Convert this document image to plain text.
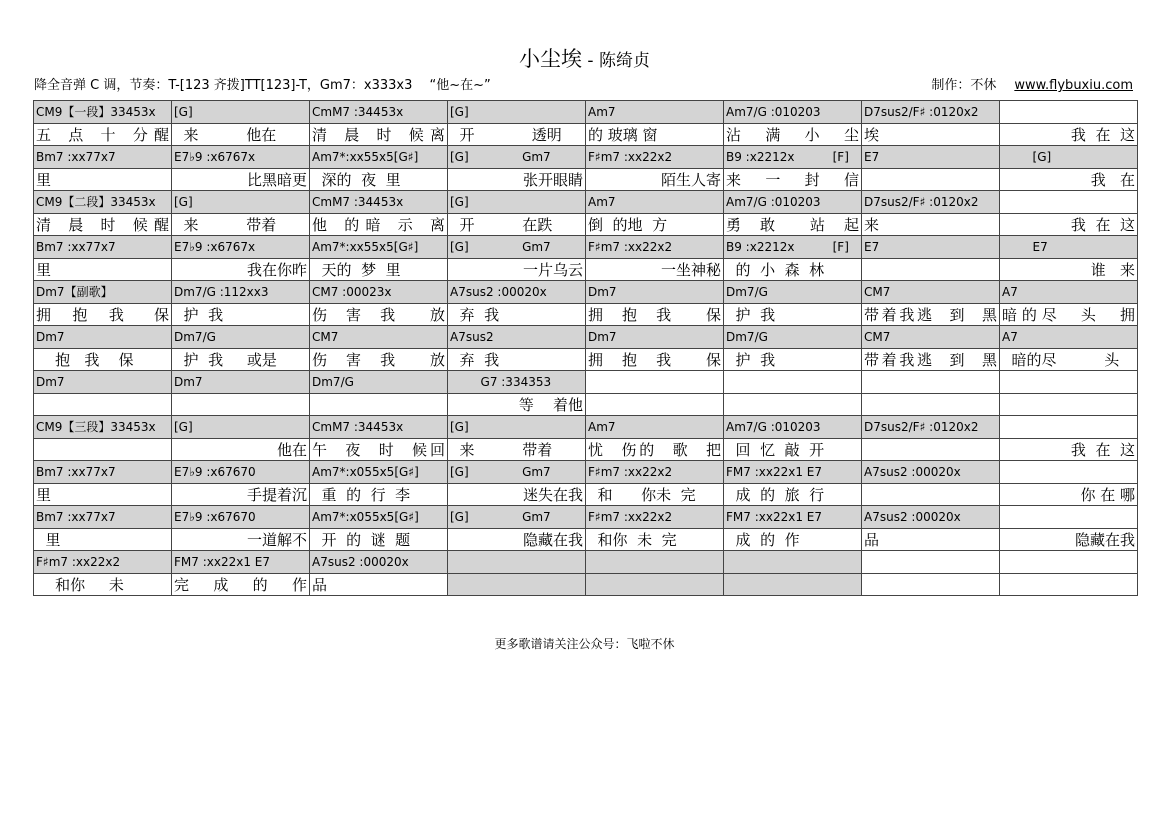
小尘埃 - 陈绮贞
降全音弹 C 调，节奏：T-[123 齐拨]TT[123]-T，Gm7：x333x3　 “他~在~”	制作：不休 www.flybuxiu.com
CM9【一段】33453x	[G]	CmM7 :34453x	[G]	Am7	Am7/G :010203	D7sus2/F♯ :0120x2	

五 点 十 分醒	来          他在	清 晨 时 候离	开            透明	的 玻璃 窗	沾 满 小 尘	埃	我  在  这

Bm7 :xx77x7	E7♭9 :x6767x	Am7*:xx55x5[G♯]	[G]              Gm7	F♯m7 :xx22x2	B9 :x2212x          [F]	E7	[G]

里	比黑暗更	深的  夜  里	张开眼睛	陌生人寄	来  一  封  信		我   在

CM9【二段】33453x	[G]	CmM7 :34453x	[G]	Am7	Am7/G :010203	D7sus2/F♯ :0120x2	

清 晨 时 候醒	来          带着	他 的暗 示 离	开          在跌	倒  的地  方	勇  敢    站  起	来	我  在  这

Bm7 :xx77x7	E7♭9 :x6767x	Am7*:xx55x5[G♯]	[G]              Gm7	F♯m7 :xx22x2	B9 :x2212x          [F]	E7	E7

里	我在你昨	天的  梦  里	一片乌云	一坐神秘	的  小  森  林		谁   来

Dm7【副歌】	Dm7/G :112xx3	CM7 :00023x	A7sus2 :00020x	Dm7	Dm7/G	CM7	A7

拥  抱  我   保	护  我	伤  害  我    放	弃  我	拥  抱  我    保	护  我	带着我逃  到  黑	暗的尽  头  拥

Dm7	Dm7/G	CM7	A7sus2	Dm7	Dm7/G	CM7	A7

抱   我    保	护  我     或是	伤  害  我    放	弃  我	拥  抱  我    保	护  我	带着我逃  到  黑	暗的尽          头

Dm7	Dm7	Dm7/G	G7 :334353				

			等    着他				

CM9【三段】33453x	[G]	CmM7 :34453x	[G]	Am7	Am7/G :010203	D7sus2/F♯ :0120x2	

	他在	午  夜  时  候回	来          带着	忧  伤的  歌  把	回  忆  敲  开		我  在  这

Bm7 :xx77x7	E7♭9 :x67670	Am7*:x055x5[G♯]	[G]              Gm7	F♯m7 :xx22x2	FM7 :xx22x1 E7	A7sus2 :00020x	

里	手提着沉	重  的  行  李	迷失在我	和      你未  完	成  的  旅  行		你 在 哪

Bm7 :xx77x7	E7♭9 :x67670	Am7*:x055x5[G♯]	[G]              Gm7	F♯m7 :xx22x2	FM7 :xx22x1 E7	A7sus2 :00020x	

里	一道解不	开  的  谜  题	隐藏在我	和你  未  完	成  的  作	品	隐藏在我

F♯m7 :xx22x2	FM7 :xx22x1 E7	A7sus2 :00020x					

和你     未	完  成  的  作	品					

更多歌谱请关注公众号：飞啦不休
